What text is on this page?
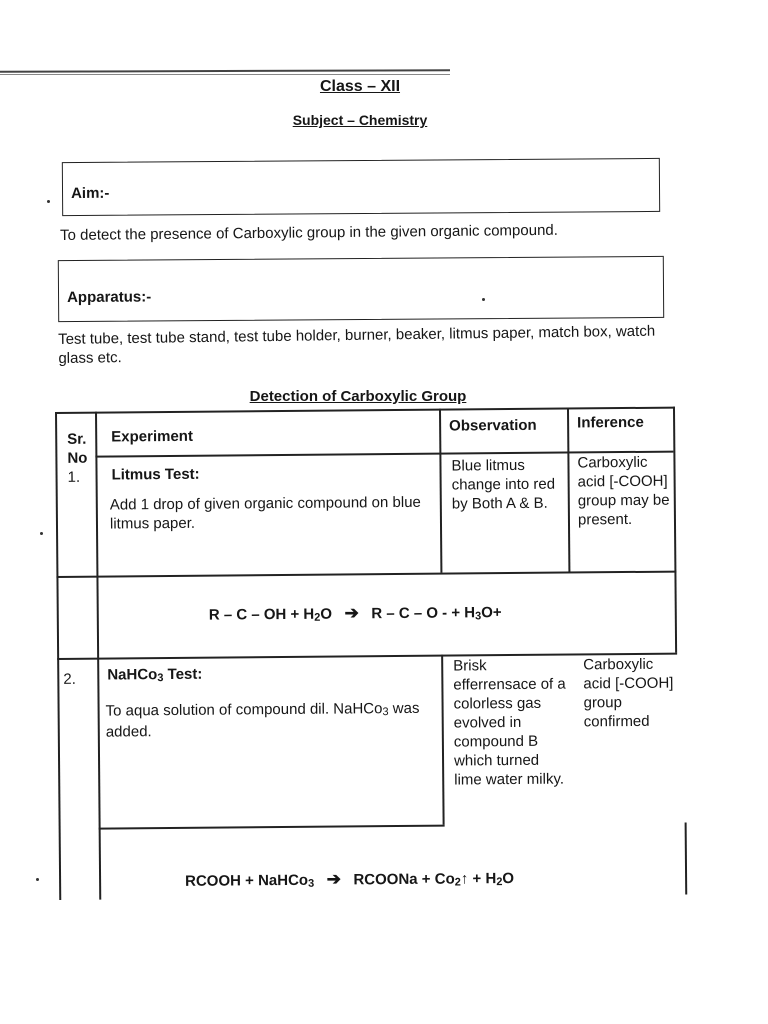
Class – XII
Subject – Chemistry
Aim:-
To detect the presence of Carboxylic group in the given organic compound.
Apparatus:-
Test tube, test tube stand, test tube holder, burner, beaker, litmus paper, match box, watch glass etc.
Detection of Carboxylic Group
Sr. No
Experiment
Observation	Inference
1. Litmus Test:
Add 1 drop of given organic compound on blue litmus paper.
Blue litmus change into red by Both A & B.
Carboxylic acid [-COOH] group may be present.
R – C – OH + $H_2O$   ➔   R – C – O - + $H_3O+$
2. NaHCo$_3$ Test:
To aqua solution of compound dil. NaHCo$_3$ was added.
Brisk efferrensace of a colorless gas evolved in compound B which turned lime water milky.
Carboxylic acid [-COOH] group confirmed
RCOOH + NaHCo$_3$ ➔   RCOONa + $Co_2↑ + H_2O$
